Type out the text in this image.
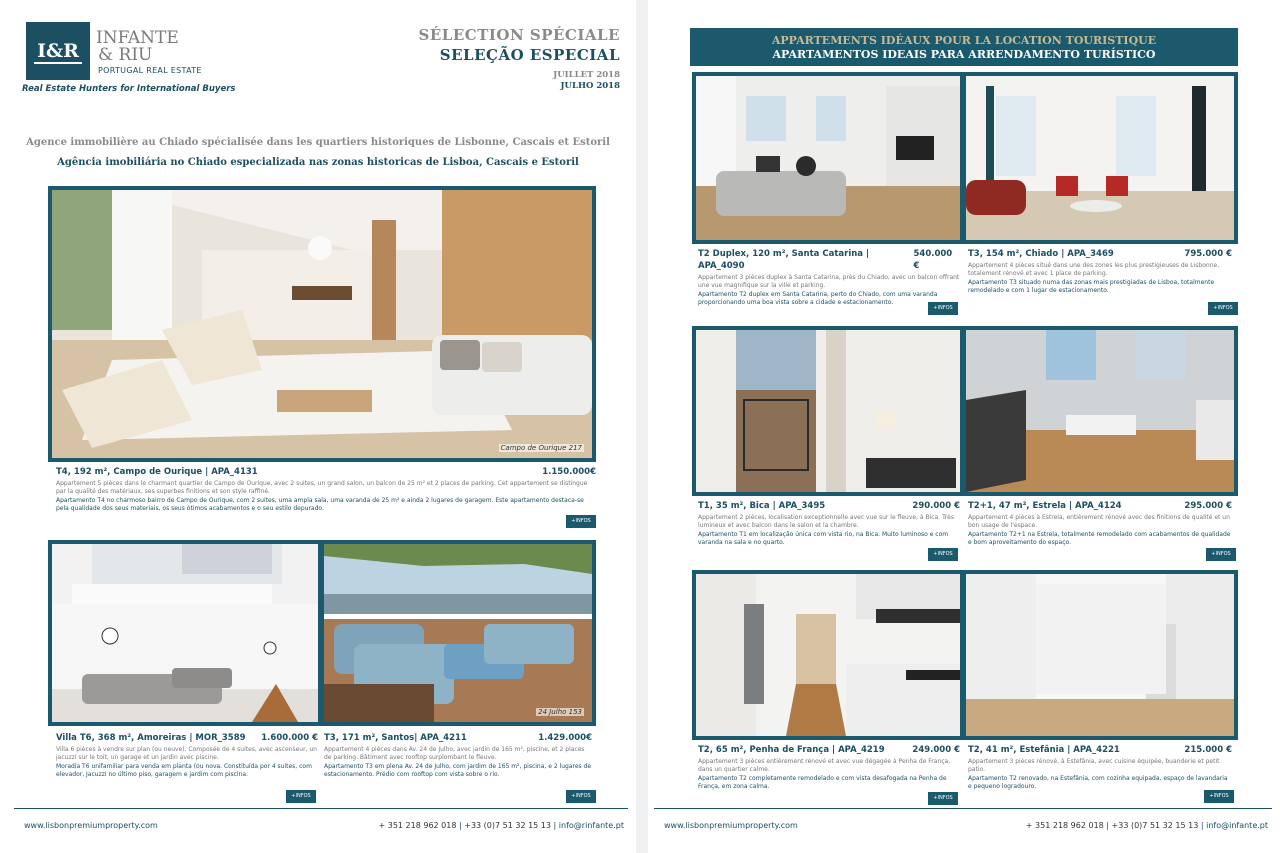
I&R
INFANTE
& RIU
PORTUGAL REAL ESTATE
Real Estate Hunters for International Buyers
SÉLECTION SPÉCIALE
SELEÇÃO ESPECIAL
JUILLET 2018
JULHO 2018
Agence immobilière au Chiado spécialisée dans les quartiers historiques de Lisbonne, Cascais et Estoril
Agência imobiliária no Chiado especializada nas zonas historicas de Lisboa, Cascais e Estoril
Campo de Ourique 217
T4, 192 m², Campo de Ourique | APA_4131	1.150.000€
Appartement 5 pièces dans le charmant quartier de Campo de Ourique, avec 2 suites, un grand salon, un balcon de 25 m² et 2 places de parking. Cet appartement se distingue par la qualité des matériaux, ses superbes finitions et son style raffiné.
Apartamento T4 no charmoso bairro de Campo de Ourique, com 2 suites, uma ampla sala, uma varanda de 25 m² e ainda 2 lugares de garagem. Este apartamento destaca-se pela qualidade dos seus materiais, os seus ótimos acabamentos e o seu estilo depurado.
+INFOS
24 Julho 153
Villa T6, 368 m², Amoreiras | MOR_3589 1.600.000 €
Villa 6 pièces à vendre sur plan (ou neuve). Composée de 4 suites, avec ascenseur, un jacuzzi sur le toit, un garage et un jardin avec piscine.
Moradia T6 unifamiliar para venda em planta (ou nova. Constituída por 4 suites, com elevador, Jacuzzi no último piso, garagem e jardim com piscina.
+INFOS
T3, 171 m², Santos| APA_4211	1.429.000€
Appartement 4 pièces dans Av. 24 de Julho, avec jardin de 165 m², piscine, et 2 places de parking. Bâtiment avec rooftop surplombant le fleuve.
Apartamento T3 em plena Av. 24 de Julho, com jardim de 165 m², piscina, e 2 lugares de estacionamento. Prédio com rooftop com vista sobre o rio.
+INFOS
www.lisbonpremiumproperty.com	+ 351 218 962 018 | +33 (0)7 51 32 15 13 | info@rinfante.pt
APPARTEMENTS IDÉAUX POUR LA LOCATION TOURISTIQUE
APARTAMENTOS IDEAIS PARA ARRENDAMENTO TURÍSTICO
T2 Duplex, 120 m², Santa Catarina | APA_4090
540.000 €
Appartement 3 pièces duplex à Santa Catarina, près du Chiado, avec un balcon offrant une vue magnifique sur la ville et parking.
Apartamento T2 duplex em Santa Catarina, perto do Chiado, com uma varanda proporcionando uma boa vista sobre a cidade e estacionamento.
+INFOS
T3, 154 m², Chiado | APA_3469	795.000 €
Appartement 4 pièces situé dans une des zones les plus prestigieuses de Lisbonne, totalement rénové et avec 1 place de parking.
Apartamento T3 situado numa das zonas mais prestigiadas de Lisboa, totalmente remodelado e com 1 lugar de estacionamento.
+INFOS
T1, 35 m², Bica | APA_3495	290.000 €
Appartement 2 pièces, localisation exceptionnelle avec vue sur le fleuve, à Bica. Très lumineux et avec balcon dans le salon et la chambre.
Apartamento T1 em localização única com vista rio, na Bica. Muito luminoso e com varanda na sala e no quarto.
+INFOS
T2+1, 47 m², Estrela | APA_4124	295.000 €
Appartement 4 pièces à Estrela, entièrement rénové avec des finitions de qualité et un bon usage de l'espace.
Apartamento T2+1 na Estrela, totalmente remodelado com acabamentos de qualidade e bom aproveitamento do espaço.
+INFOS
T2, 65 m², Penha de França | APA_4219	249.000 €
Appartement 3 pièces entièrement rénové et avec vue dégagée à Penha de França, dans un quartier calme.
Apartamento T2 completamente remodelado e com vista desafogada na Penha de França, em zona calma.
+INFOS
T2, 41 m², Estefânia | APA_4221	215.000 €
Appartement 3 pièces rénové, à Estefânia, avec cuisine équipée, buanderie et petit patio.
Apartamento T2 renovado, na Estefânia, com cozinha equipada, espaço de lavandaria e pequeno logradouro.
+INFOS
www.lisbonpremiumproperty.com	+ 351 218 962 018 | +33 (0)7 51 32 15 13 | info@infante.pt
